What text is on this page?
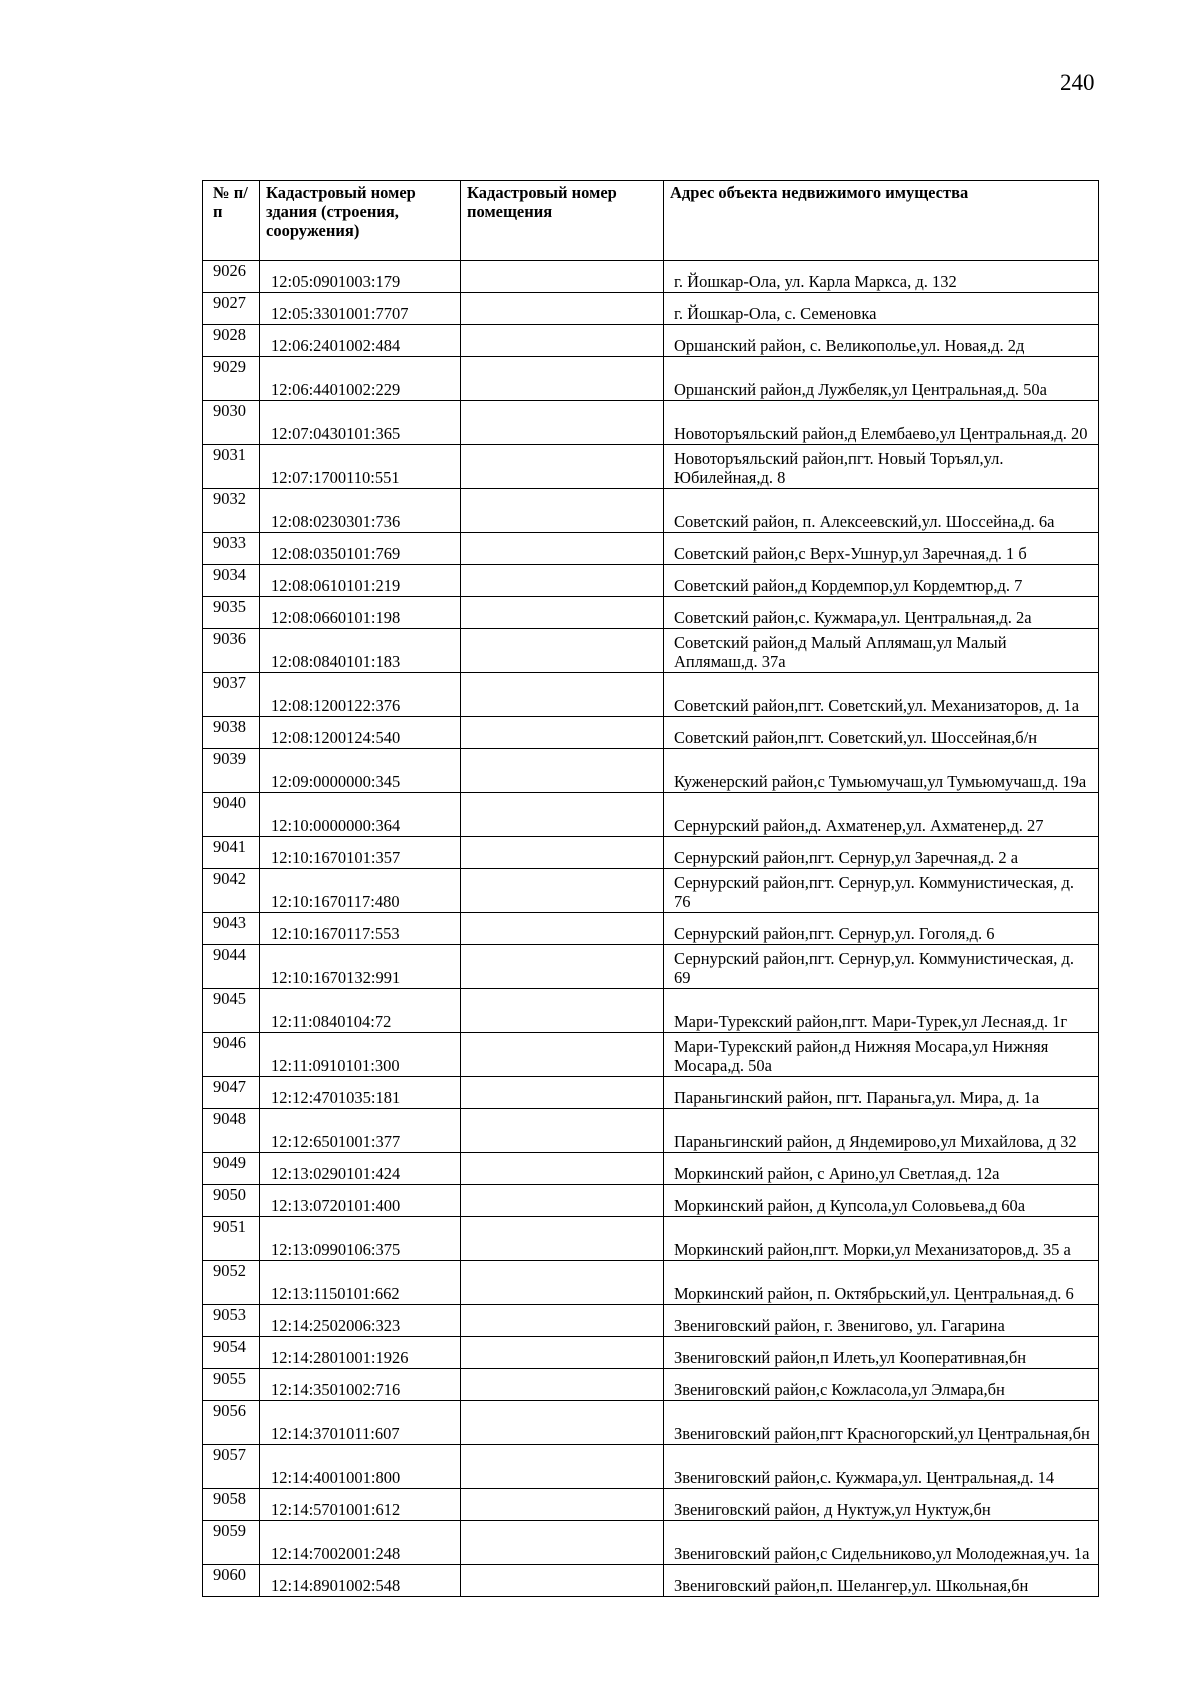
240
№ п/п	Кадастровый номер здания (строения, сооружения)	Кадастровый номер помещения	Адрес объекта недвижимого имущества
9026	12:05:0901003:179		г. Йошкар-Ола, ул. Карла Маркса, д. 132
9027	12:05:3301001:7707		г. Йошкар-Ола, с. Семеновка
9028	12:06:2401002:484		Оршанский район, с. Великополье,ул. Новая,д. 2д
9029	12:06:4401002:229		Оршанский район,д Лужбеляк,ул Центральная,д. 50а
9030	12:07:0430101:365		Новоторъяльский район,д Елембаево,ул Центральная,д. 20
9031	12:07:1700110:551		Новоторъяльский район,пгт. Новый Торъял,ул. Юбилейная,д. 8
9032	12:08:0230301:736		Советский район, п. Алексеевский,ул. Шоссейна,д. 6а
9033	12:08:0350101:769		Советский район,с Верх-Ушнур,ул Заречная,д. 1 б
9034	12:08:0610101:219		Советский район,д Кордемпор,ул Кордемтюр,д. 7
9035	12:08:0660101:198		Советский район,с. Кужмара,ул. Центральная,д. 2а
9036	12:08:0840101:183		Советский район,д Малый Аплямаш,ул Малый Аплямаш,д. 37а
9037	12:08:1200122:376		Советский район,пгт. Советский,ул. Механизаторов, д. 1а
9038	12:08:1200124:540		Советский район,пгт. Советский,ул. Шоссейная,б/н
9039	12:09:0000000:345		Куженерский район,с Тумьюмучаш,ул Тумьюмучаш,д. 19а
9040	12:10:0000000:364		Сернурский район,д. Ахматенер,ул. Ахматенер,д. 27
9041	12:10:1670101:357		Сернурский район,пгт. Сернур,ул Заречная,д. 2 а
9042	12:10:1670117:480		Сернурский район,пгт. Сернур,ул. Коммунистическая, д. 76
9043	12:10:1670117:553		Сернурский район,пгт. Сернур,ул. Гоголя,д. 6
9044	12:10:1670132:991		Сернурский район,пгт. Сернур,ул. Коммунистическая, д. 69
9045	12:11:0840104:72		Мари-Турекский район,пгт. Мари-Турек,ул Лесная,д. 1г
9046	12:11:0910101:300		Мари-Турекский район,д Нижняя Мосара,ул Нижняя Мосара,д. 50а
9047	12:12:4701035:181		Параньгинский район, пгт. Параньга,ул. Мира, д. 1а
9048	12:12:6501001:377		Параньгинский район, д Яндемирово,ул Михайлова, д 32
9049	12:13:0290101:424		Моркинский район, с Арино,ул Светлая,д. 12а
9050	12:13:0720101:400		Моркинский район, д Купсола,ул Соловьева,д 60а
9051	12:13:0990106:375		Моркинский район,пгт. Морки,ул Механизаторов,д. 35 а
9052	12:13:1150101:662		Моркинский район, п. Октябрьский,ул. Центральная,д. 6
9053	12:14:2502006:323		Звениговский район, г. Звенигово, ул. Гагарина
9054	12:14:2801001:1926		Звениговский район,п Илеть,ул Кооперативная,бн
9055	12:14:3501002:716		Звениговский район,с Кожласола,ул Элмара,бн
9056	12:14:3701011:607		Звениговский район,пгт Красногорский,ул Центральная,бн
9057	12:14:4001001:800		Звениговский район,с. Кужмара,ул. Центральная,д. 14
9058	12:14:5701001:612		Звениговский район, д Нуктуж,ул Нуктуж,бн
9059	12:14:7002001:248		Звениговский район,с Сидельниково,ул Молодежная,уч. 1а
9060	12:14:8901002:548		Звениговский район,п. Шелангер,ул. Школьная,бн
